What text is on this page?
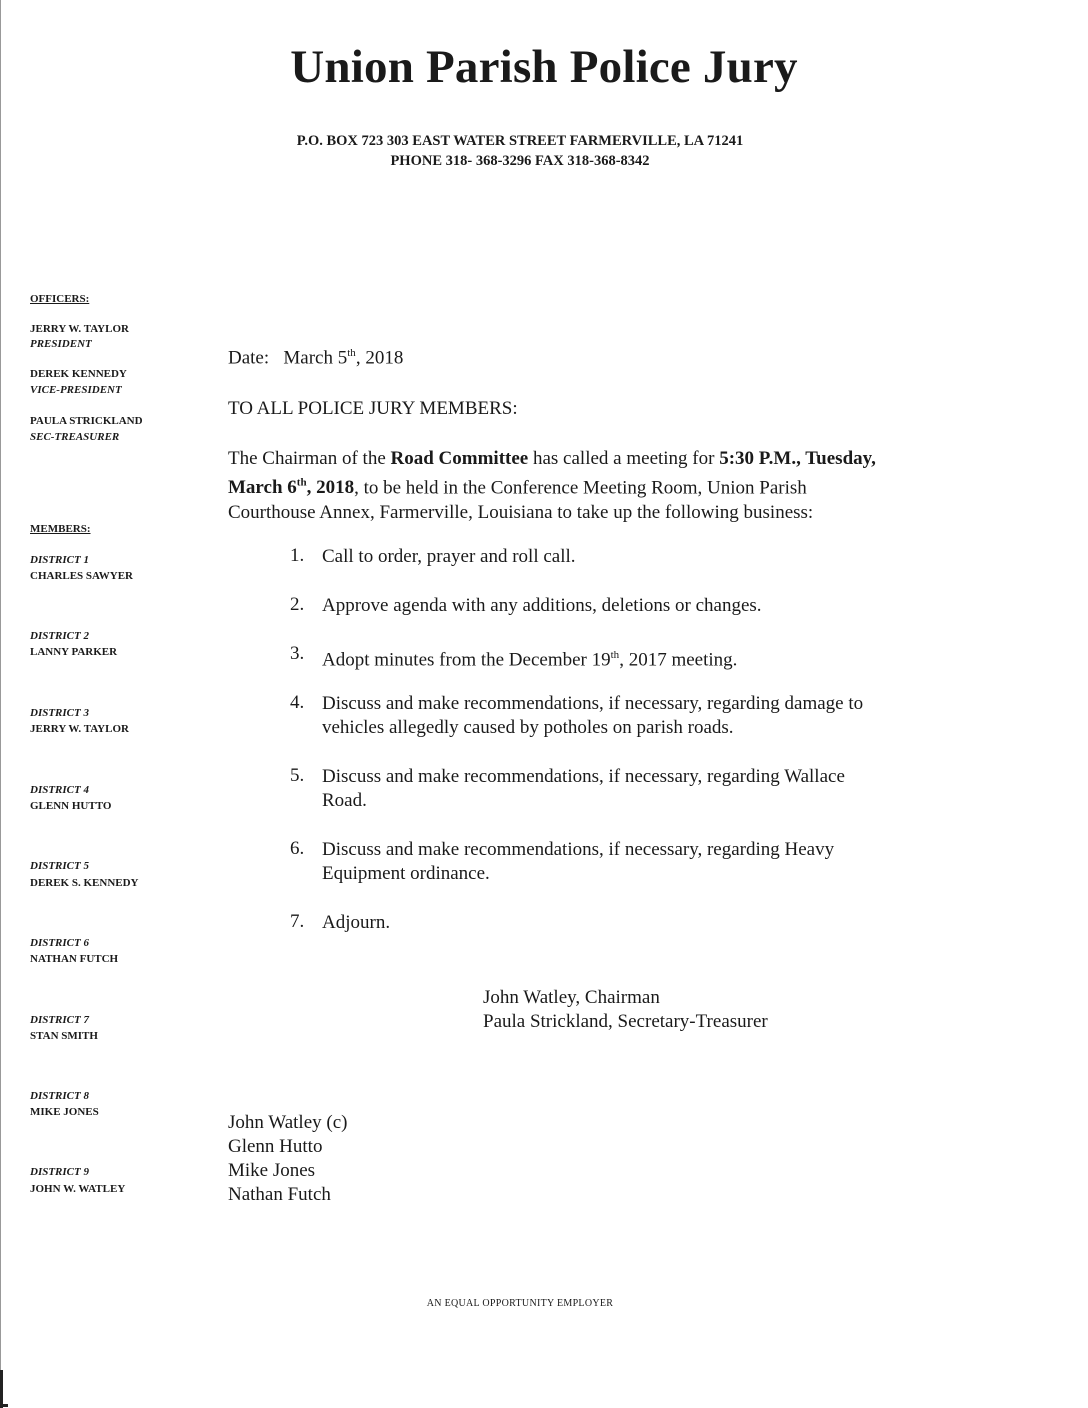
Union Parish Police Jury
P.O. BOX 723 303 EAST WATER STREET FARMERVILLE, LA 71241
PHONE 318- 368-3296 FAX 318-368-8342
OFFICERS:
JERRY W. TAYLOR
PRESIDENT
DEREK KENNEDY
VICE-PRESIDENT
PAULA STRICKLAND
SEC-TREASURER
MEMBERS:
DISTRICT 1
CHARLES SAWYER
DISTRICT 2
LANNY PARKER
DISTRICT 3
JERRY W. TAYLOR
DISTRICT 4
GLENN HUTTO
DISTRICT 5
DEREK S. KENNEDY
DISTRICT 6
NATHAN FUTCH
DISTRICT 7
STAN SMITH
DISTRICT 8
MIKE JONES
DISTRICT 9
JOHN W. WATLEY
Date: March 5th, 2018
TO ALL POLICE JURY MEMBERS:
The Chairman of the Road Committee has called a meeting for 5:30 P.M., Tuesday,
March 6th, 2018, to be held in the Conference Meeting Room, Union Parish
Courthouse Annex, Farmerville, Louisiana to take up the following business:
1. Call to order, prayer and roll call.
2. Approve agenda with any additions, deletions or changes.
3. Adopt minutes from the December 19th, 2017 meeting.
4. Discuss and make recommendations, if necessary, regarding damage to
vehicles allegedly caused by potholes on parish roads.
5. Discuss and make recommendations, if necessary, regarding Wallace
Road.
6. Discuss and make recommendations, if necessary, regarding Heavy
Equipment ordinance.
7. Adjourn.
John Watley, Chairman
Paula Strickland, Secretary-Treasurer
John Watley (c)
Glenn Hutto
Mike Jones
Nathan Futch
AN EQUAL OPPORTUNITY EMPLOYER
